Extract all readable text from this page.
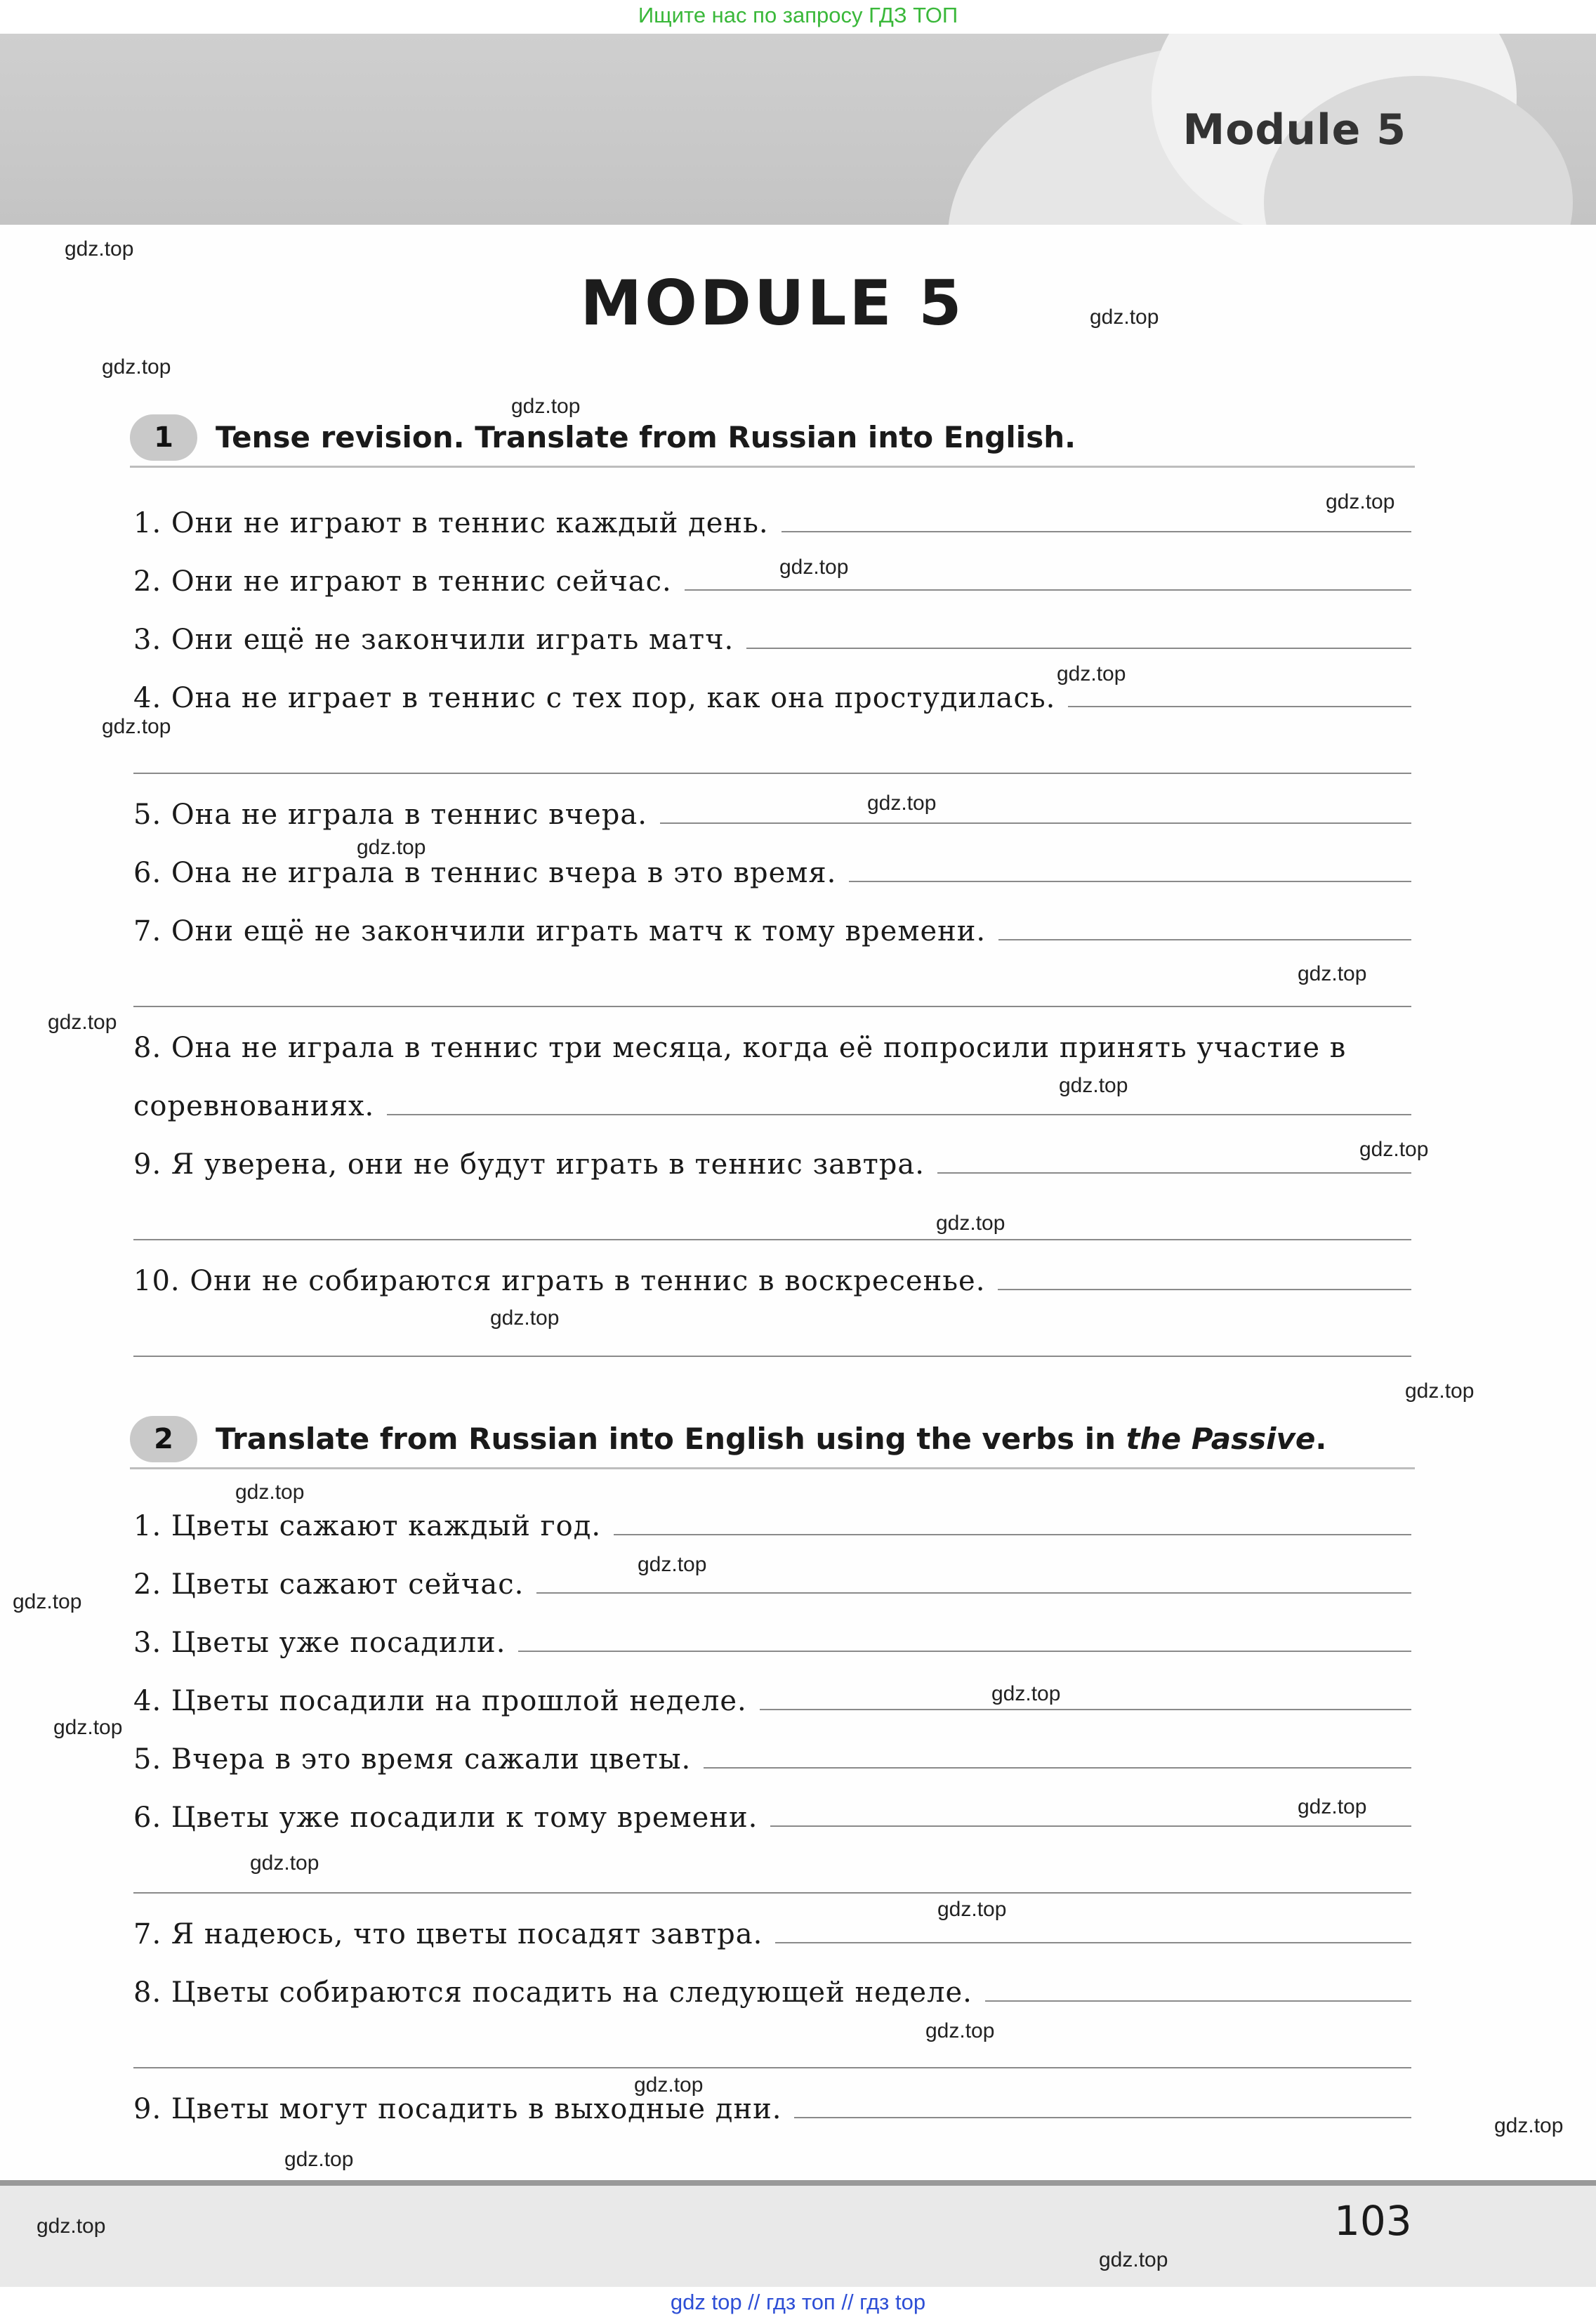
Ищите нас по запросу ГДЗ ТОП
Module 5
MODULE 5
1	Tense revision. Translate from Russian into English.
1. Они не играют в теннис каждый день.
2. Они не играют в теннис сейчас.
3. Они ещё не закончили играть матч.
4. Она не играет в теннис с тех пор, как она простудилась.
5. Она не играла в теннис вчера.
6. Она не играла в теннис вчера в это время.
7. Они ещё не закончили играть матч к тому времени.
8. Она не играла в теннис три месяца, когда её попросили принять участие в
соревнованиях.
9. Я уверена, они не будут играть в теннис завтра.
10. Они не собираются играть в теннис в воскресенье.
2	Translate from Russian into English using the verbs in the Passive.
1. Цветы сажают каждый год.
2. Цветы сажают сейчас.
3. Цветы уже посадили.
4. Цветы посадили на прошлой неделе.
5. Вчера в это время сажали цветы.
6. Цветы уже посадили к тому времени.
7. Я надеюсь, что цветы посадят завтра.
8. Цветы собираются посадить на следующей неделе.
9. Цветы могут посадить в выходные дни.
103
gdz top // гдз топ // гдз top
gdz.top
gdz.top
gdz.top
gdz.top
gdz.top
gdz.top
gdz.top
gdz.top
gdz.top
gdz.top
gdz.top
gdz.top
gdz.top
gdz.top
gdz.top
gdz.top
gdz.top
gdz.top
gdz.top
gdz.top
gdz.top
gdz.top
gdz.top
gdz.top
gdz.top
gdz.top
gdz.top
gdz.top
gdz.top
gdz.top
gdz.top
